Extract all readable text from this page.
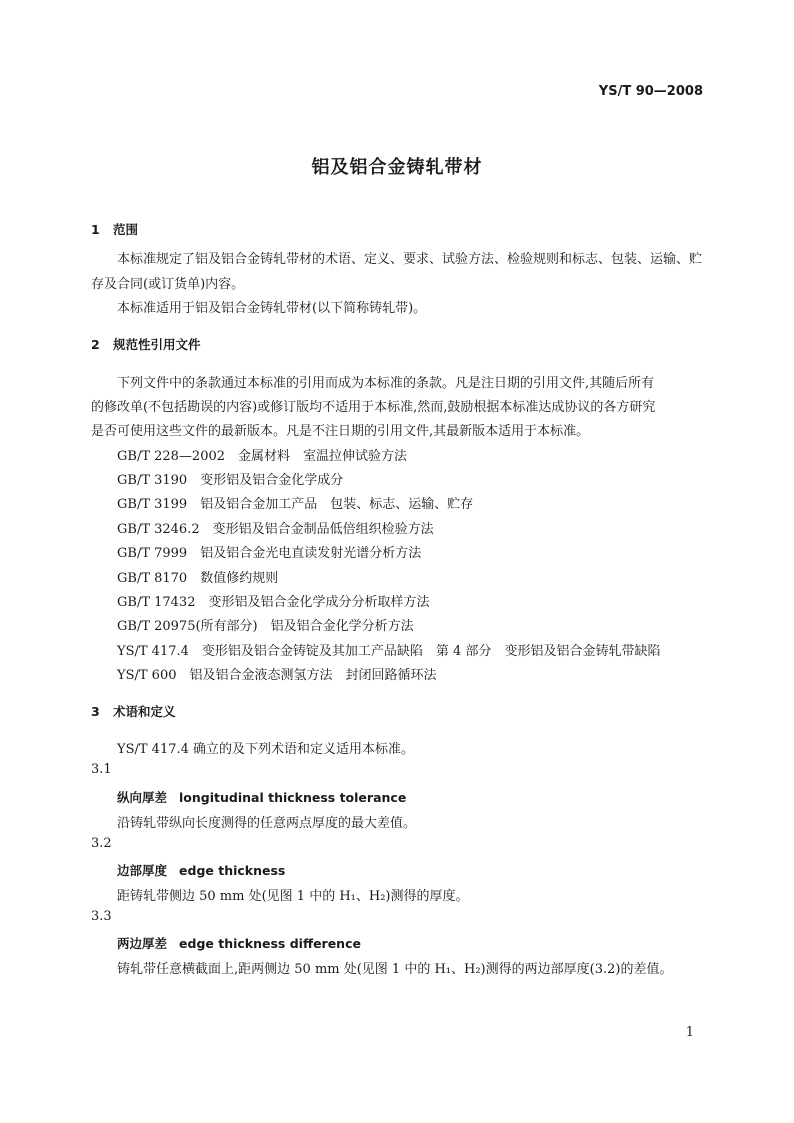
YS/T 90—2008
铝及铝合金铸轧带材
1 范围
本标准规定了铝及铝合金铸轧带材的术语、定义、要求、试验方法、检验规则和标志、包装、运输、贮
存及合同(或订货单)内容。
本标准适用于铝及铝合金铸轧带材(以下简称铸轧带)。
2 规范性引用文件
下列文件中的条款通过本标准的引用而成为本标准的条款。凡是注日期的引用文件,其随后所有
的修改单(不包括勘误的内容)或修订版均不适用于本标准,然而,鼓励根据本标准达成协议的各方研究
是否可使用这些文件的最新版本。凡是不注日期的引用文件,其最新版本适用于本标准。
GB/T 228—2002　 金属材料　室温拉伸试验方法
GB/T 3190　 变形铝及铝合金化学成分
GB/T 3199　 铝及铝合金加工产品　包装、标志、运输、贮存
GB/T 3246.2　 变形铝及铝合金制品低倍组织检验方法
GB/T 7999　 铝及铝合金光电直读发射光谱分析方法
GB/T 8170　 数值修约规则
GB/T 17432　 变形铝及铝合金化学成分分析取样方法
GB/T 20975(所有部分)　 铝及铝合金化学分析方法
YS/T 417.4　 变形铝及铝合金铸锭及其加工产品缺陷　第 4 部分　变形铝及铝合金铸轧带缺陷
YS/T 600　 铝及铝合金液态测氢方法　封闭回路循环法
3 术语和定义
YS/T 417.4 确立的及下列术语和定义适用本标准。
3.1
纵向厚差 longitudinal thickness tolerance
沿铸轧带纵向长度测得的任意两点厚度的最大差值。
3.2
边部厚度 edge thickness
距铸轧带侧边 50 mm 处(见图 1 中的 H₁、H₂)测得的厚度。
3.3
两边厚差 edge thickness difference
铸轧带任意横截面上,距两侧边 50 mm 处(见图 1 中的 H₁、H₂)测得的两边部厚度(3.2)的差值。
1
